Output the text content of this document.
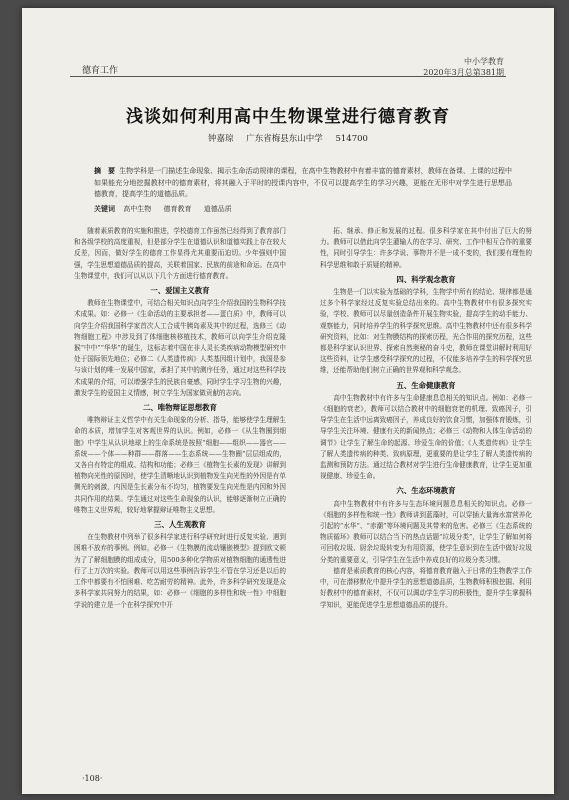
德育工作
中小学教育
2020年3月总第381期
浅谈如何利用高中生物课堂进行德育教育
钟嘉琼 广东省梅县东山中学 514700
摘　要 生物学科是一门描述生命现象、揭示生命活动规律的课程，在高中生物教材中有着丰富的德育素材，教师在备课、上课的过程中如果能充分地挖掘教材中的德育素材，将其融入于平时的授课内容中，不仅可以提高学生的学习兴趣，更能在无形中对学生进行思想品德教育，提高学生的道德品质。
关键词 高中生物 德育教育 道德品质

随着素质教育的实施和推进，学校德育工作虽然已经得到了教育部门和各级学校的高度重视，但是部分学生在道德认识和道德实践上存在较大反差，因而，做好学生的德育工作显得尤其重要而迫切。少年强则中国强，学生思想道德品质的提高，关联着国家、民族的前途和命运。在高中生物课堂中，我们可以从以下几个方面进行德育教育。

一、爱国主义教育

教师在生物课堂中，可结合相关知识点向学生介绍我国的生物科学技术成果。如：必修一《生命活动的主要承担者——蛋白质》中，教师可以向学生介绍我国科学家首次人工合成牛胰岛素及其中的过程，选修三《动物细胞工程》中涉及到了体细胞核移植技术，教师可以向学生介绍克隆猴“中中”“华华”的诞生，这标志着中国在非人灵长类疾病动物模型研究中处于国际领先地位；必修二《人类遗传病》人类基因组计划中，我国是参与该计划的唯一发展中国家，承担了其中的测序任务，通过对这些科学技术成果的介绍，可以增强学生的民族自豪感，同时学生学习生物的兴趣，激发学生的爱国主义情感，树立学生为国家做贡献的志向。

二、唯物辩证思想教育

唯物辩证主义哲学中有关生命现象的分析、指导，能够使学生理解生命的本质，增加学生对客观世界的认识。例如，必修一《从生物圈到细胞》中学生从认识地球上的生命系统是按照“细胞——组织——器官——系统——个体——种群——群落——生态系统——生物圈”层层组成的，又各自有特定的组成、结构和功能；必修三《植物生长素的发现》讲解到植物向光性的原因时，使学生清晰地认识到植物发生向光性的外因是有单侧光的刺激，内因是生长素分布不均匀，植物要发生向光性是内因和外因共同作用的结果。学生通过对这些生命现象的认识，能够逐渐树立正确的唯物主义世界观，较好地掌握辩证唯物主义思想。

三、人生观教育

在生物教材中列举了很多科学家进行科学研究时进行反复实验、遇到困难不放弃的事例。例如，必修一《生物膜的流动镶嵌模型》提到欧文顿为了了解细胞膜的组成成分，用500多种化学物质对植物细胞的通透性进行了上万次的实验。教师可以用这些事例告诉学生不管在学习还是以后的工作中都要有不怕困难、吃苦耐劳的精神。此外，许多科学研究发现是众多科学家共同努力的结果，如：必修一《细胞的多样性和统一性》中细胞学说的建立是一个在科学探究中开

拓、继承、修正和发展的过程。很多科学家在其中付出了巨大的努力。教师可以借此向学生灌输人的在学习、研究、工作中相互合作的重要性，同时引导学生：许多学说、事物并不是一成不变的，我们要有理性的科学思维和敢于质疑的精神。

四、科学观念教育

生物是一门以实验为基础的学科，生物学中所有的结论、规律都是通过多个科学家经过反复实验总结出来的。高中生物教材中有很多探究实验，学校、教师可以尽量创造条件开展生物实验，提高学生的动手能力、观察能力，同时培养学生的科学探究思维。高中生物教材中还有很多科学研究资料，比如：对生物膜结构的探索历程，光合作用的探究历程，这些都是科学家认识世界、探索自然奥秘的奋斗史，教师在课堂讲解时利用好这些资料，让学生感受科学探究的过程，不仅能多培养学生的科学探究思维，还能帮助他们树立正确的世界观和科学观念。

五、生命健康教育

高中生物教材中有许多与生命健康息息相关的知识点。例如：必修一《细胞的衰老》，教师可以结合教材中的细胞衰老的机理、致癌因子，引导学生在生活中远离致癌因子，养成良好的饮食习惯，加强体育锻炼，引导学生关注环境、健康有关的新闻热点；必修三《动物和人体生命活动的调节》让学生了解生命的起源、珍爱生命的价值；《人类遗传病》让学生了解人类遗传病的种类、致病原理，更重要的是让学生了解人类遗传病的监测和预防方法。通过结合教材对学生进行生命健康教育，让学生更加重视健康、珍爱生命。

六、生态环境教育

高中生物教材中有许多与生态环境问题息息相关的知识点。必修一《细胞的多样性和统一性》教师讲到蓝藻时，可以穿插大量海水富营养化引起的“水华”、“赤潮”等环境问题及其带来的危害。必修三《生态系统的物质循环》教师可以结合当下的热点话题“垃圾分类”，让学生了解如何将可回收垃圾、厨余垃圾转变为有用资源，使学生意识到在生活中做好垃圾分类的重要意义，引导学生在生活中养成良好的垃圾分类习惯。

德育是素质教育的核心内容，将德育教育融入于日常的生物教学工作中，可在潜移默化中提升学生的思想道德品质，生物教师积极挖掘、利用好教材中的德育素材，不仅可以调动学生学习的积极性，提升学生掌握科学知识，更能促进学生思想道德品质的提升。

·108·
